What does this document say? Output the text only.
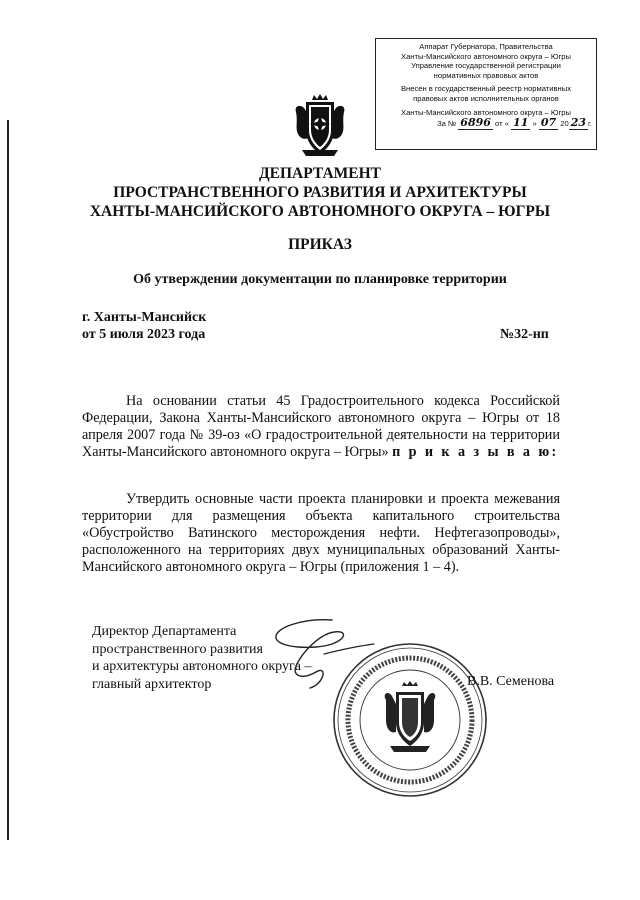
Аппарат Губернатора, Правительства
Ханты-Мансийского автономного округа – Югры
Управление государственной регистрации
нормативных правовых актов
Внесен в государственный реестр нормативных
правовых актов исполнительных органов
Ханты-Мансийского автономного округа – Югры
За № 6896 от « 11 » 07 20 23 г.
ДЕПАРТАМЕНТ
ПРОСТРАНСТВЕННОГО РАЗВИТИЯ И АРХИТЕКТУРЫ
ХАНТЫ-МАНСИЙСКОГО АВТОНОМНОГО ОКРУГА – ЮГРЫ
ПРИКАЗ
Об утверждении документации по планировке территории
г. Ханты-Мансийск
от 5 июля 2023 года	№32-нп
На основании статьи 45 Градостроительного кодекса Российской Федерации, Закона Ханты-Мансийского автономного округа – Югры от 18 апреля 2007 года № 39-оз «О градостроительной деятельности на территории Ханты-Мансийского автономного округа – Югры» п р и к а з ы в а ю:
Утвердить основные части проекта планировки и проекта межевания территории для размещения объекта капитального строительства «Обустройство Ватинского месторождения нефти. Нефтегазопроводы», расположенного на территориях двух муниципальных образований Ханты-Мансийского автономного округа – Югры (приложения 1 – 4).
Директор Департамента
пространственного развития
и архитектуры автономного округа –
главный архитектор	В.В. Семенова
